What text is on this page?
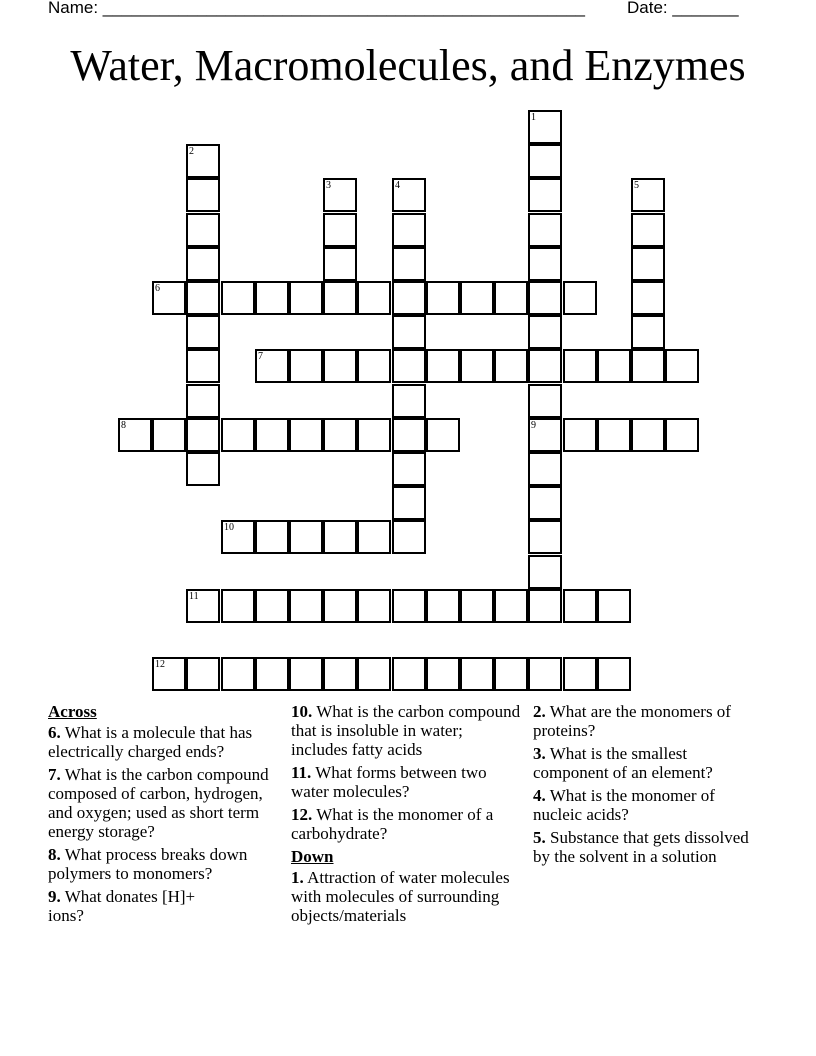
Name: ___________________________________________________ Date: _______
Water, Macromolecules, and Enzymes
1
9
2
3	4	5
6
7
8
10
11
12
Across
6. What is a molecule that has electrically charged ends?
7. What is the carbon compound composed of carbon, hydrogen, and oxygen; used as short term energy storage?
8. What process breaks down polymers to monomers?
9. What donates [H]+ ions?
10. What is the carbon compound that is insoluble in water; includes fatty acids
11. What forms between two water molecules?
12. What is the monomer of a carbohydrate?
Down
1. Attraction of water molecules with molecules of surrounding objects/materials
2. What are the monomers of proteins?
3. What is the smallest component of an element?
4. What is the monomer of nucleic acids?
5. Substance that gets dissolved by the solvent in a solution
